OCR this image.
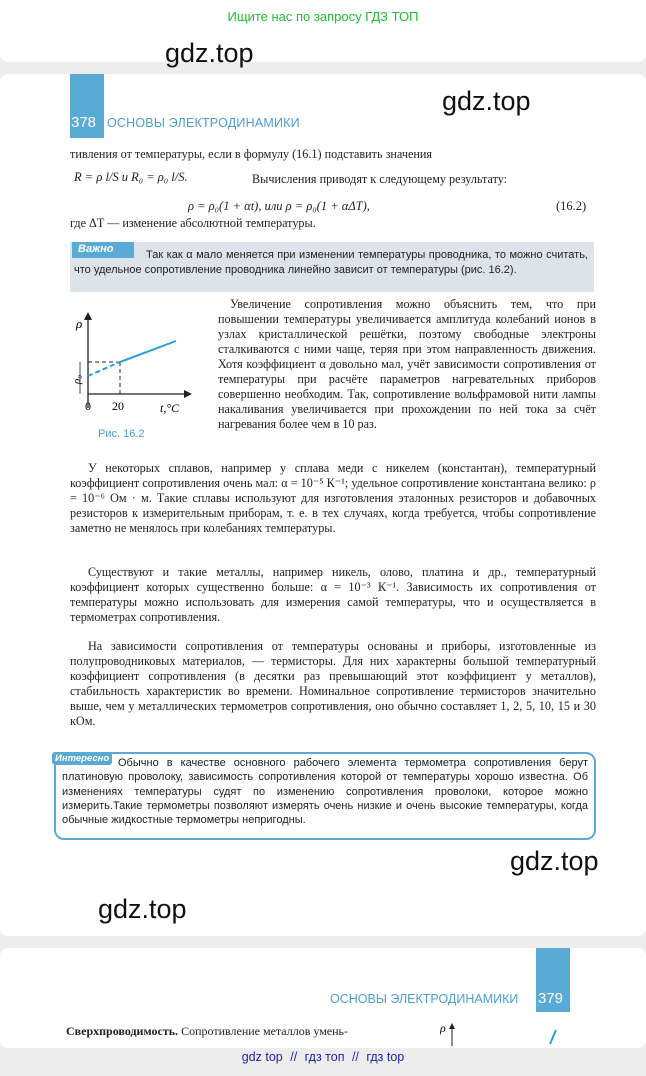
Ищите нас по запросу ГДЗ ТОП
378 ОСНОВЫ ЭЛЕКТРОДИНАМИКИ
тивления от температуры, если в формулу (16.1) подставить значения
R = ρ l/S и R₀ = ρ₀ l/S.	Вычисления приводят к следующему результату:
ρ = ρ₀(1 + αt), или ρ = ρ₀(1 + αΔT),	(16.2)
где ΔT — изменение абсолютной температуры.
Так как α мало меняется при изменении температуры проводника, то можно считать, что удельное сопротивление проводника линейно зависит от температуры (рис. 16.2).
Важно
ρ
ρ₀
0 20	t,°C
Рис. 16.2
Увеличение сопротивления можно объяснить тем, что при повышении температуры увеличивается амплитуда колебаний ионов в узлах кристаллической решётки, поэтому свободные электроны сталкиваются с ними чаще, теряя при этом направленность движения. Хотя коэффициент α довольно мал, учёт зависимости сопротивления от температуры при расчёте параметров нагревательных приборов совершенно необходим. Так, сопротивление вольфрамовой нити лампы накаливания увеличивается при прохождении по ней тока за счёт нагревания более чем в 10 раз.
У некоторых сплавов, например у сплава меди с никелем (константан), температурный коэффициент сопротивления очень мал: α = 10⁻⁵ К⁻¹; удельное сопротивление константана велико: ρ = 10⁻⁶ Ом · м. Такие сплавы используют для изготовления эталонных резисторов и добавочных резисторов к измерительным приборам, т. е. в тех случаях, когда требуется, чтобы сопротивление заметно не менялось при колебаниях температуры.
Существуют и такие металлы, например никель, олово, платина и др., температурный коэффициент которых существенно больше: α = 10⁻³ К⁻¹. Зависимость их сопротивления от температуры можно использовать для измерения самой температуры, что и осуществляется в термометрах сопротивления.
На зависимости сопротивления от температуры основаны и приборы, изготовленные из полупроводниковых материалов, — термисторы. Для них характерны большой температурный коэффициент сопротивления (в десятки раз превышающий этот коэффициент у металлов), стабильность характеристик во времени. Номинальное сопротивление термисторов значительно выше, чем у металлических термометров сопротивления, оно обычно составляет 1, 2, 5, 10, 15 и 30 кОм.
Обычно в качестве основного рабочего элемента термометра сопротивления берут платиновую проволоку, зависимость сопротивления которой от температуры хорошо известна. Об изменениях температуры судят по изменению сопротивления проволоки, которое можно измерить.Такие термометры позволяют измерять очень низкие и очень высокие температуры, когда обычные жидкостные термометры непригодны.
Интересно
gdz.top
gdz.top
gdz.top
gdz.top
379
ОСНОВЫ ЭЛЕКТРОДИНАМИКИ
Сверхпроводимость. Сопротивление металлов умень-	ρ
gdz top // гдз топ // гдз top
